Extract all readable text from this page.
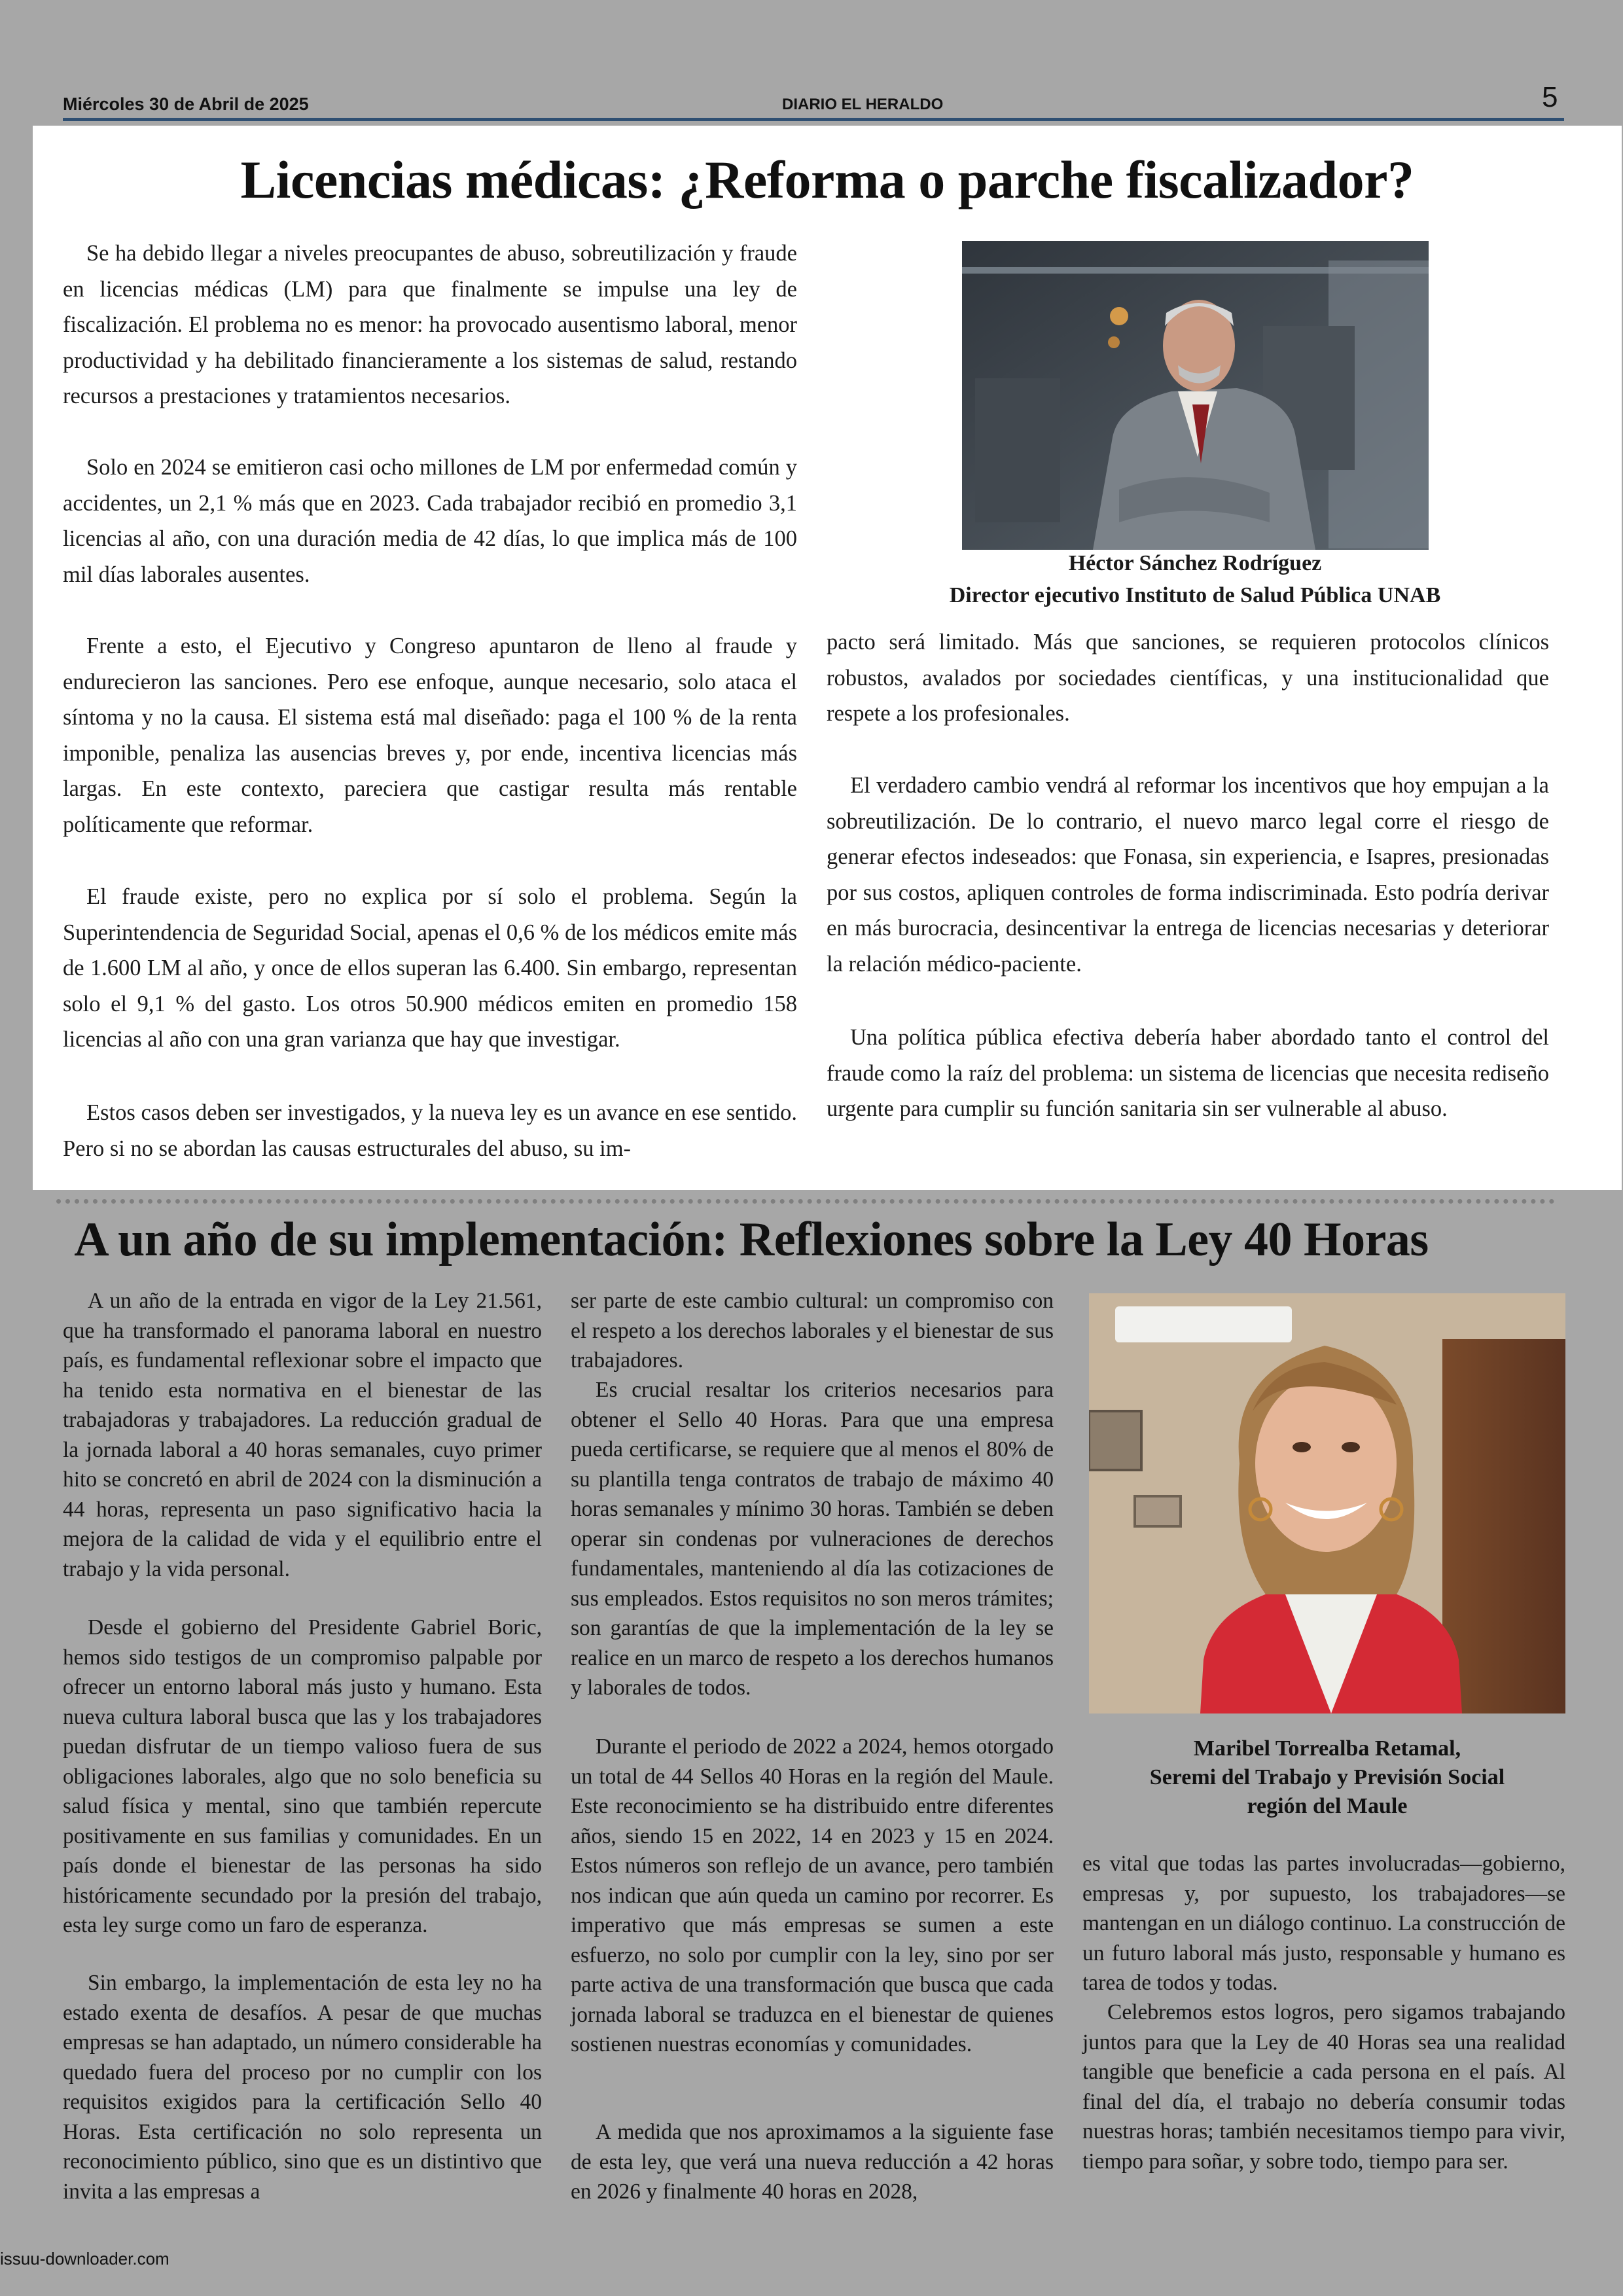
Miércoles 30 de Abril de 2025	DIARIO EL HERALDO	5
Licencias médicas: ¿Reforma o parche fiscalizador?

Se ha debido llegar a niveles preocupantes de abuso, sobreutilización y fraude en licencias médicas (LM) para que finalmente se impulse una ley de fiscalización. El problema no es menor: ha provocado ausentismo laboral, menor productividad y ha debilitado financieramente a los sistemas de salud, restando recursos a prestaciones y tratamientos necesarios.

Solo en 2024 se emitieron casi ocho millones de LM por enfermedad común y accidentes, un 2,1 % más que en 2023. Cada trabajador recibió en promedio 3,1 licencias al año, con una duración media de 42 días, lo que implica más de 100 mil días laborales ausentes.

Frente a esto, el Ejecutivo y Congreso apuntaron de lleno al fraude y endurecieron las sanciones. Pero ese enfoque, aunque necesario, solo ataca el síntoma y no la causa. El sistema está mal diseñado: paga el 100 % de la renta imponible, penaliza las ausencias breves y, por ende, incentiva licencias más largas. En este contexto, pareciera que castigar resulta más rentable políticamente que reformar.

El fraude existe, pero no explica por sí solo el problema. Según la Superintendencia de Seguridad Social, apenas el 0,6 % de los médicos emite más de 1.600 LM al año, y once de ellos superan las 6.400. Sin embargo, representan solo el 9,1 % del gasto. Los otros 50.900 médicos emiten en promedio 158 licencias al año con una gran varianza que hay que investigar.

Estos casos deben ser investigados, y la nueva ley es un avance en ese sentido. Pero si no se abordan las causas estructurales del abuso, su im-

Héctor Sánchez Rodríguez
Director ejecutivo Instituto de Salud Pública UNAB

pacto será limitado. Más que sanciones, se requieren protocolos clínicos robustos, avalados por sociedades científicas, y una institucionalidad que respete a los profesionales.

El verdadero cambio vendrá al reformar los incentivos que hoy empujan a la sobreutilización. De lo contrario, el nuevo marco legal corre el riesgo de generar efectos indeseados: que Fonasa, sin experiencia, e Isapres, presionadas por sus costos, apliquen controles de forma indiscriminada. Esto podría derivar en más burocracia, desincentivar la entrega de licencias necesarias y deteriorar la relación médico-paciente.

Una política pública efectiva debería haber abordado tanto el control del fraude como la raíz del problema: un sistema de licencias que necesita rediseño urgente para cumplir su función sanitaria sin ser vulnerable al abuso.

A un año de su implementación: Reflexiones sobre la Ley 40 Horas

A un año de la entrada en vigor de la Ley 21.561, que ha transformado el panorama laboral en nuestro país, es fundamental reflexionar sobre el impacto que ha tenido esta normativa en el bienestar de las trabajadoras y trabajadores. La reducción gradual de la jornada laboral a 40 horas semanales, cuyo primer hito se concretó en abril de 2024 con la disminución a 44 horas, representa un paso significativo hacia la mejora de la calidad de vida y el equilibrio entre el trabajo y la vida personal.

Desde el gobierno del Presidente Gabriel Boric, hemos sido testigos de un compromiso palpable por ofrecer un entorno laboral más justo y humano. Esta nueva cultura laboral busca que las y los trabajadores puedan disfrutar de un tiempo valioso fuera de sus obligaciones laborales, algo que no solo beneficia su salud física y mental, sino que también repercute positivamente en sus familias y comunidades. En un país donde el bienestar de las personas ha sido históricamente secundado por la presión del trabajo, esta ley surge como un faro de esperanza.

Sin embargo, la implementación de esta ley no ha estado exenta de desafíos. A pesar de que muchas empresas se han adaptado, un número considerable ha quedado fuera del proceso por no cumplir con los requisitos exigidos para la certificación Sello 40 Horas. Esta certificación no solo representa un reconocimiento público, sino que es un distintivo que invita a las empresas a

ser parte de este cambio cultural: un compromiso con el respeto a los derechos laborales y el bienestar de sus trabajadores.

Es crucial resaltar los criterios necesarios para obtener el Sello 40 Horas. Para que una empresa pueda certificarse, se requiere que al menos el 80% de su plantilla tenga contratos de trabajo de máximo 40 horas semanales y mínimo 30 horas. También se deben operar sin condenas por vulneraciones de derechos fundamentales, manteniendo al día las cotizaciones de sus empleados. Estos requisitos no son meros trámites; son garantías de que la implementación de la ley se realice en un marco de respeto a los derechos humanos y laborales de todos.

Durante el periodo de 2022 a 2024, hemos otorgado un total de 44 Sellos 40 Horas en la región del Maule. Este reconocimiento se ha distribuido entre diferentes años, siendo 15 en 2022, 14 en 2023 y 15 en 2024. Estos números son reflejo de un avance, pero también nos indican que aún queda un camino por recorrer. Es imperativo que más empresas se sumen a este esfuerzo, no solo por cumplir con la ley, sino por ser parte activa de una transformación que busca que cada jornada laboral se traduzca en el bienestar de quienes sostienen nuestras economías y comunidades.

A medida que nos aproximamos a la siguiente fase de esta ley, que verá una nueva reducción a 42 horas en 2026 y finalmente 40 horas en 2028,

Maribel Torrealba Retamal,
Seremi del Trabajo y Previsión Social
región del Maule

es vital que todas las partes involucradas—gobierno, empresas y, por supuesto, los trabajadores—se mantengan en un diálogo continuo. La construcción de un futuro laboral más justo, responsable y humano es tarea de todos y todas.

Celebremos estos logros, pero sigamos trabajando juntos para que la Ley de 40 Horas sea una realidad tangible que beneficie a cada persona en el país. Al final del día, el trabajo no debería consumir todas nuestras horas; también necesitamos tiempo para vivir, tiempo para soñar, y sobre todo, tiempo para ser.

issuu-downloader.com
